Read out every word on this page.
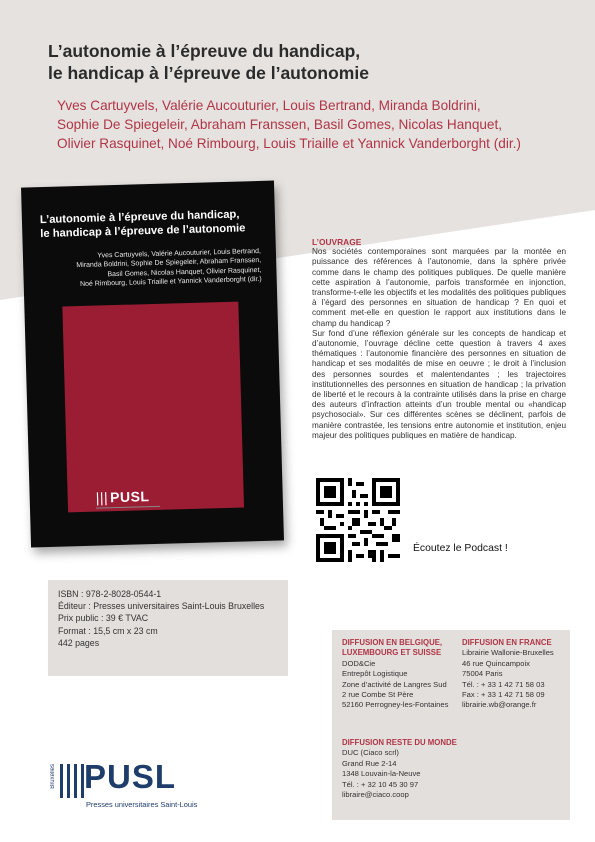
L’autonomie à l’épreuve du handicap,
le handicap à l’épreuve de l’autonomie
Yves Cartuyvels, Valérie Aucouturier, Louis Bertrand, Miranda Boldrini,
Sophie De Spiegeleir, Abraham Franssen, Basil Gomes, Nicolas Hanquet,
Olivier Rasquinet, Noé Rimbourg, Louis Triaille et Yannick Vanderborght (dir.)
L’autonomie à l’épreuve du handicap,
le handicap à l’épreuve de l’autonomie
Yves Cartuyvels, Valérie Aucouturier, Louis Bertrand,
Miranda Boldrini, Sophie De Spiegeleir, Abraham Franssen,
Basil Gomes, Nicolas Hanquet, Olivier Rasquinet,
Noé Rimbourg, Louis Triaille et Yannick Vanderborght (dir.)
||| PUSL
L’OUVRAGE

Nos sociétés contemporaines sont marquées par la montée en puissance des références à l’autonomie, dans la sphère privée comme dans le champ des politiques publiques. De quelle manière cette aspiration à l’autonomie, parfois transformée en injonction, transforme-t-elle les objectifs et les modalités des politiques publiques à l’égard des personnes en situation de handicap ? En quoi et comment met-elle en question le rapport aux institutions dans le champ du handicap ?

Sur fond d’une réflexion générale sur les concepts de handicap et d’autonomie, l’ouvrage décline cette question à travers 4 axes thématiques : l’autonomie financière des personnes en situation de handicap et ses modalités de mise en oeuvre ; le droit à l’inclusion des personnes sourdes et malentendantes ; les trajectoires institutionnelles des personnes en situation de handicap ; la privation de liberté et le recours à la contrainte utilisés dans la prise en charge des auteurs d’infraction atteints d’un trouble mental ou «handicap psychosocial». Sur ces différentes scènes se déclinent, parfois de manière contrastée, les tensions entre autonomie et institution, enjeu majeur des politiques publiques en matière de handicap.

Écoutez le Podcast !
ISBN : 978-2-8028-0544-1
Éditeur : Presses universitaires Saint-Louis Bruxelles
Prix public : 39 € TVAC
Format : 15,5 cm x 23 cm
442 pages	DIFFUSION EN BELGIQUE,
LUXEMBOURG ET SUISSE
DOD&Cie
Entrepôt Logistique
Zone d’activité de Langres Sud
2 rue Combe St Père
52160 Perrogney-les-Fontaines
DIFFUSION EN FRANCE
Librairie Wallonie-Bruxelles
46 rue Quincampoix
75004 Paris
Tél. : + 33 1 42 71 58 03
Fax : + 33 1 42 71 58 09
librairie.wb@orange.fr
DIFFUSION RESTE DU MONDE
DUC (Ciaco scrl)
Grand Rue 2-14
1348 Louvain-la-Neuve
Tél. : + 32 10 45 30 97
libraire@ciaco.coop
Bruxelles PUSL
Presses universitaires Saint-Louis
